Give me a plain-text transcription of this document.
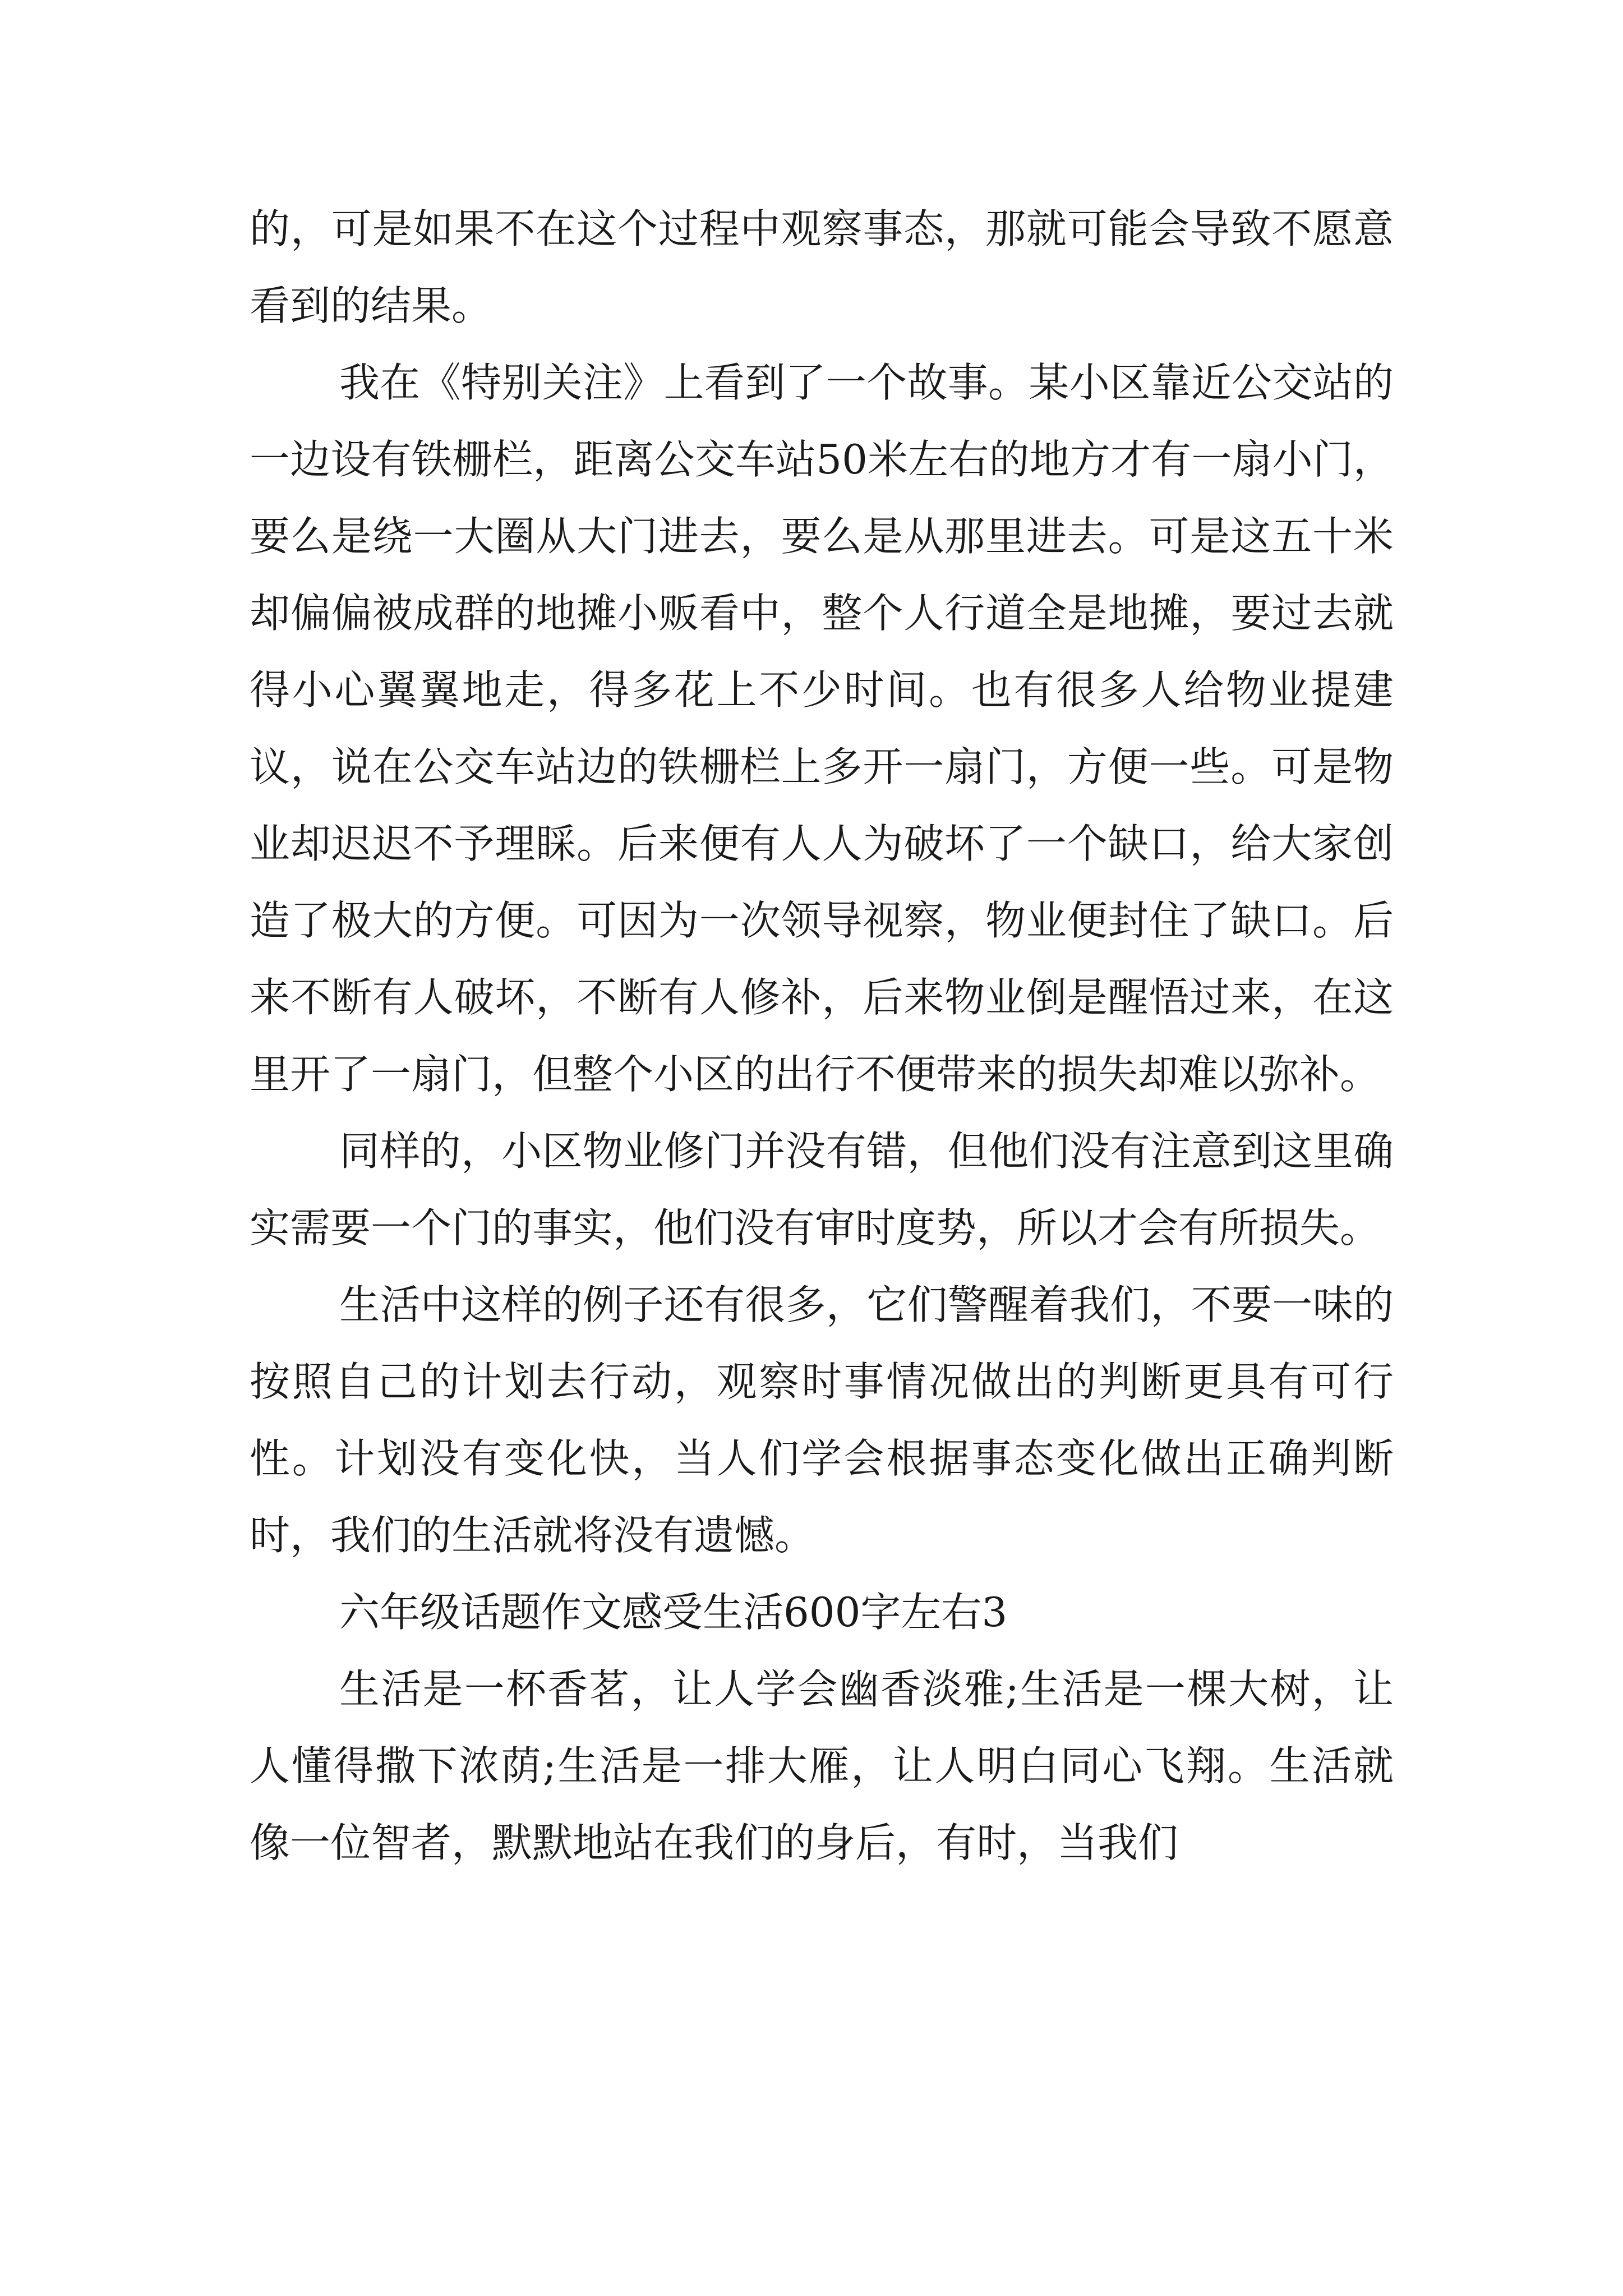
的，可是如果不在这个过程中观察事态，那就可能会导致不愿意看到的结果。

我在《特别关注》上看到了一个故事。某小区靠近公交站的一边设有铁栅栏，距离公交车站50米左右的地方才有一扇小门，要么是绕一大圈从大门进去，要么是从那里进去。可是这五十米却偏偏被成群的地摊小贩看中，整个人行道全是地摊，要过去就得小心翼翼地走，得多花上不少时间。也有很多人给物业提建议，说在公交车站边的铁栅栏上多开一扇门，方便一些。可是物业却迟迟不予理睬。后来便有人人为破坏了一个缺口，给大家创造了极大的方便。可因为一次领导视察，物业便封住了缺口。后来不断有人破坏，不断有人修补，后来物业倒是醒悟过来，在这里开了一扇门，但整个小区的出行不便带来的损失却难以弥补。

同样的，小区物业修门并没有错，但他们没有注意到这里确实需要一个门的事实，他们没有审时度势，所以才会有所损失。

生活中这样的例子还有很多，它们警醒着我们，不要一味的按照自己的计划去行动，观察时事情况做出的判断更具有可行性。计划没有变化快，当人们学会根据事态变化做出正确判断时，我们的生活就将没有遗憾。

六年级话题作文感受生活600字左右3

生活是一杯香茗，让人学会幽香淡雅;生活是一棵大树，让人懂得撒下浓荫;生活是一排大雁，让人明白同心飞翔。生活就像一位智者，默默地站在我们的身后，有时，当我们
